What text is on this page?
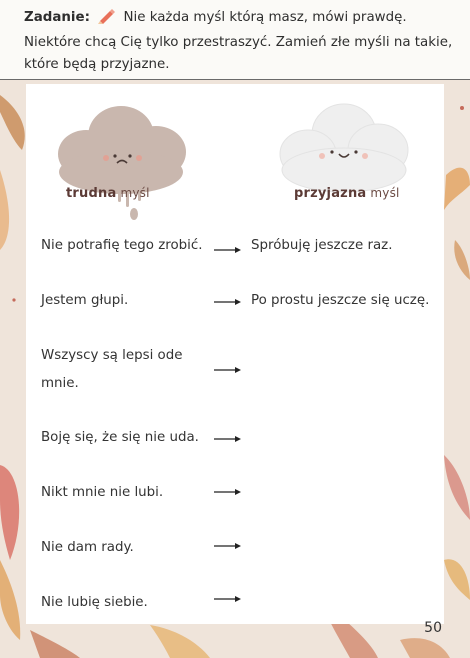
Zadanie:	Nie każda myśl którą masz, mówi prawdę. Niektóre chcą Cię tylko przestraszyć. Zamień złe myśli na takie, które będą przyjazne.
trudna myśl	przyjazna myśl
Nie potrafię tego zrobić.	Spróbuję jeszcze raz.
Jestem głupi.	Po prostu jeszcze się uczę.
Wszyscy są lepsi ode mnie.
Boję się, że się nie uda.
Nikt mnie nie lubi.
Nie dam rady.
Nie lubię siebie.
50
